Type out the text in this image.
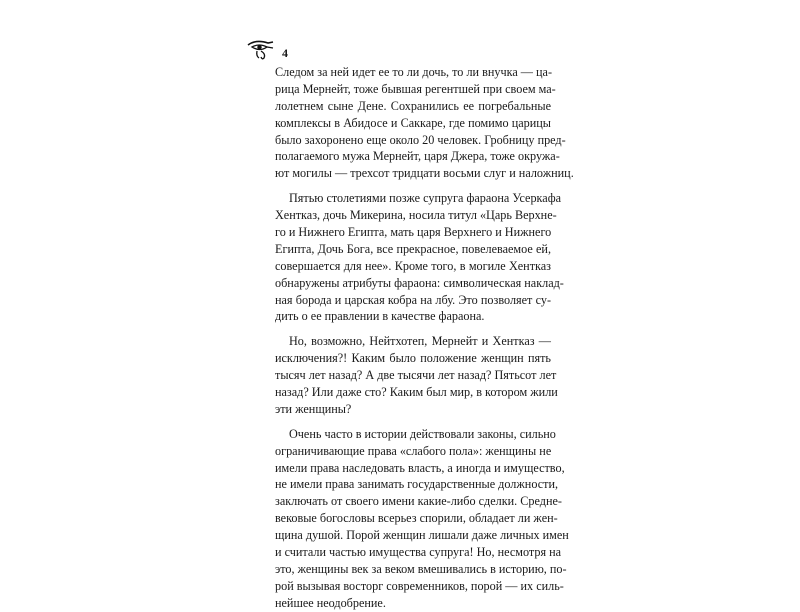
4

Следом за ней идет ее то ли дочь, то ли внучка — ца-
рица Мернейт, тоже бывшая регентшей при своем ма-
лолетнем сыне Дене. Сохранились ее погребальные
комплексы в Абидосе и Саккаре, где помимо царицы
было захоронено еще около 20 человек. Гробницу пред-
полагаемого мужа Мернейт, царя Джера, тоже окружа-
ют могилы — трехсот тридцати восьми слуг и наложниц.

Пятью столетиями позже супруга фараона Усеркафа
Хентказ, дочь Микерина, носила титул «Царь Верхне-
го и Нижнего Египта, мать царя Верхнего и Нижнего
Египта, Дочь Бога, все прекрасное, повелеваемое ей,
совершается для нее». Кроме того, в могиле Хентказ
обнаружены атрибуты фараона: символическая наклад-
ная борода и царская кобра на лбу. Это позволяет су-
дить о ее правлении в качестве фараона.

Но, возможно, Нейтхотеп, Мернейт и Хентказ —
исключения?! Каким было положение женщин пять
тысяч лет назад? А две тысячи лет назад? Пятьсот лет
назад? Или даже сто? Каким был мир, в котором жили
эти женщины?

Очень часто в истории действовали законы, сильно
ограничивающие права «слабого пола»: женщины не
имели права наследовать власть, а иногда и имущество,
не имели права занимать государственные должности,
заключать от своего имени какие-либо сделки. Средне-
вековые богословы всерьез спорили, обладает ли жен-
щина душой. Порой женщин лишали даже личных имен
и считали частью имущества супруга! Но, несмотря на
это, женщины век за веком вмешивались в историю, по-
рой вызывая восторг современников, порой — их силь-
нейшее неодобрение.
